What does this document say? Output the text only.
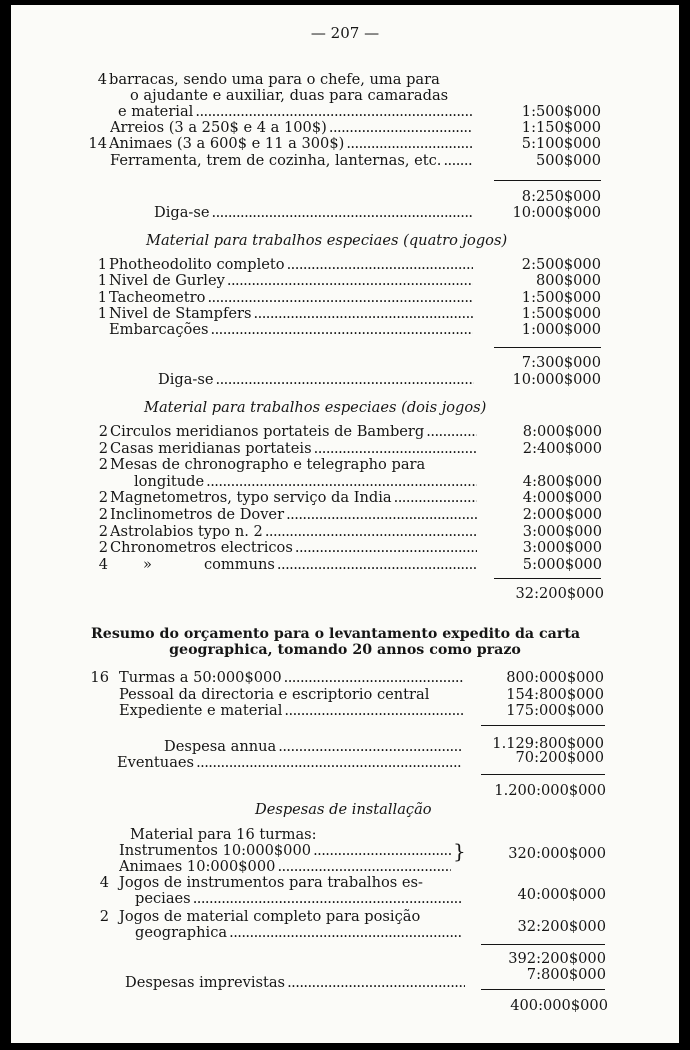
— 207 —
4 barracas, sendo uma para o chefe, uma para
o ajudante e auxiliar, duas para camaradas
e material . . .	1:500$000
Arreios (3 a 250$ e 4 a 100$) . . .	1:150$000
14 Animaes (3 a 600$ e 11 a 300$) . . .	5:100$000
Ferramenta, trem de cozinha, lanternas, etc. . . .	500$000
8:250$000
Diga-se . . .	10:000$000
Material para trabalhos especiaes (quatro jogos)
1 Photheodolito completo . . .	2:500$000
1 Nivel de Gurley . . .	800$000
1 Tacheometro . . .	1:500$000
1 Nivel de Stampfers . . .	1:500$000
Embarcações . . .	1:000$000
7:300$000
Diga-se . . .	10:000$000
Material para trabalhos especiaes (dois jogos)
2 Circulos meridianos portateis de Bamberg . . .	8:000$000
2 Casas meridianas portateis . . .	2:400$000
2 Mesas de chronographo e telegrapho para
longitude . . .	4:800$000
2 Magnetometros, typo serviço da India . . .	4:000$000
2 Inclinometros de Dover . . .	2:000$000
2 Astrolabios typo n. 2 . . .	3:000$000
2 Chronometros electricos . . .	3:000$000
4 »	communs . . .	5:000$000
32:200$000
Resumo do orçamento para o levantamento expedito da carta
geographica, tomando 20 annos como prazo
16 Turmas a 50:000$000 . . .	800:000$000
Pessoal da directoria e escriptorio central	154:800$000
Expediente e material . . .	175:000$000
Despesa annua . . .	1.129:800$000
Eventuaes . . .	70:200$000
1.200:000$000
Despesas de installação
Material para 16 turmas:
Instrumentos 10:000$000 . . .
Animaes 10:000$000 . . .
}	320:000$000
4 Jogos de instrumentos para trabalhos es-
peciaes . . .	40:000$000
2 Jogos de material completo para posição
geographica . . .	32:200$000
392:200$000
Despesas imprevistas . . .	7:800$000
400:000$000
